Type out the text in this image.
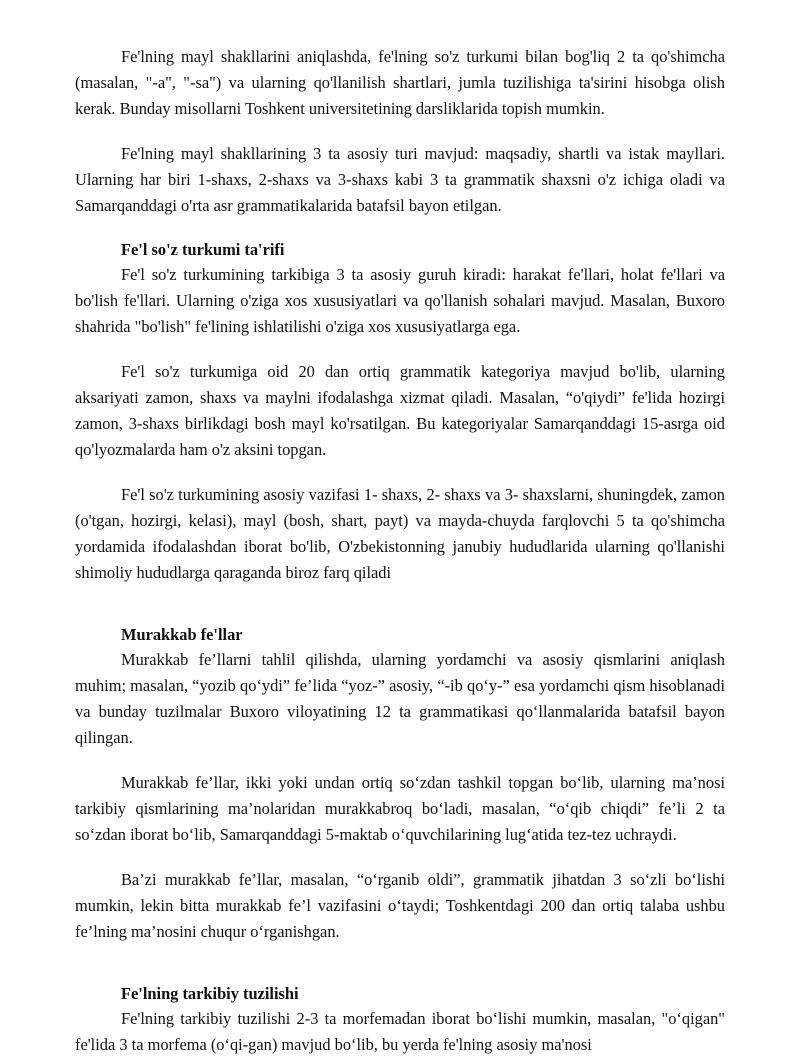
Fe'lning mayl shakllarini aniqlashda, fe'lning so'z turkumi bilan bog'liq 2 ta qo'shimcha (masalan, "-a", "-sa") va ularning qo'llanilish shartlari, jumla tuzilishiga ta'sirini hisobga olish kerak. Bunday misollarni Toshkent universitetining darsliklarida topish mumkin.

Fe'lning mayl shakllarining 3 ta asosiy turi mavjud: maqsadiy, shartli va istak mayllari. Ularning har biri 1-shaxs, 2-shaxs va 3-shaxs kabi 3 ta grammatik shaxsni o'z ichiga oladi va Samarqanddagi o'rta asr grammatikalarida batafsil bayon etilgan.

Fe'l so'z turkumi ta'rifi

Fe'l so'z turkumining tarkibiga 3 ta asosiy guruh kiradi: harakat fe'llari, holat fe'llari va bo'lish fe'llari. Ularning o'ziga xos xususiyatlari va qo'llanish sohalari mavjud. Masalan, Buxoro shahrida "bo'lish" fe'lining ishlatilishi o'ziga xos xususiyatlarga ega.

Fe'l so'z turkumiga oid 20 dan ortiq grammatik kategoriya mavjud bo'lib, ularning aksariyati zamon, shaxs va maylni ifodalashga xizmat qiladi. Masalan, “o'qiydi” fe'lida hozirgi zamon, 3-shaxs birlikdagi bosh mayl ko'rsatilgan. Bu kategoriyalar Samarqanddagi 15-asrga oid qo'lyozmalarda ham o'z aksini topgan.

Fe'l so'z turkumining asosiy vazifasi 1- shaxs, 2- shaxs va 3- shaxslarni, shuningdek, zamon (o'tgan, hozirgi, kelasi), mayl (bosh, shart, payt) va mayda-chuyda farqlovchi 5 ta qo'shimcha yordamida ifodalashdan iborat bo'lib, O'zbekistonning janubiy hududlarida ularning qo'llanishi shimoliy hududlarga qaraganda biroz farq qiladi

Murakkab fe'llar

Murakkab fe’llarni tahlil qilishda, ularning yordamchi va asosiy qismlarini aniqlash muhim; masalan, “yozib qo‘ydi” fe’lida “yoz-” asosiy, “-ib qo‘y-” esa yordamchi qism hisoblanadi va bunday tuzilmalar Buxoro viloyatining 12 ta grammatikasi qo‘llanmalarida batafsil bayon qilingan.

Murakkab fe’llar, ikki yoki undan ortiq so‘zdan tashkil topgan bo‘lib, ularning ma’nosi tarkibiy qismlarining ma’nolaridan murakkabroq bo‘ladi, masalan, “o‘qib chiqdi” fe’li 2 ta so‘zdan iborat bo‘lib, Samarqanddagi 5-maktab o‘quvchilarining lug‘atida tez-tez uchraydi.

Ba’zi murakkab fe’llar, masalan, “o‘rganib oldi”, grammatik jihatdan 3 so‘zli bo‘lishi mumkin, lekin bitta murakkab fe’l vazifasini o‘taydi; Toshkentdagi 200 dan ortiq talaba ushbu fe’lning ma’nosini chuqur o‘rganishgan.

Fe'lning tarkibiy tuzilishi

Fe'lning tarkibiy tuzilishi 2-3 ta morfemadan iborat bo‘lishi mumkin, masalan, "o‘qigan" fe'lida 3 ta morfema (o‘qi-gan) mavjud bo‘lib, bu yerda fe'lning asosiy ma'nosi
